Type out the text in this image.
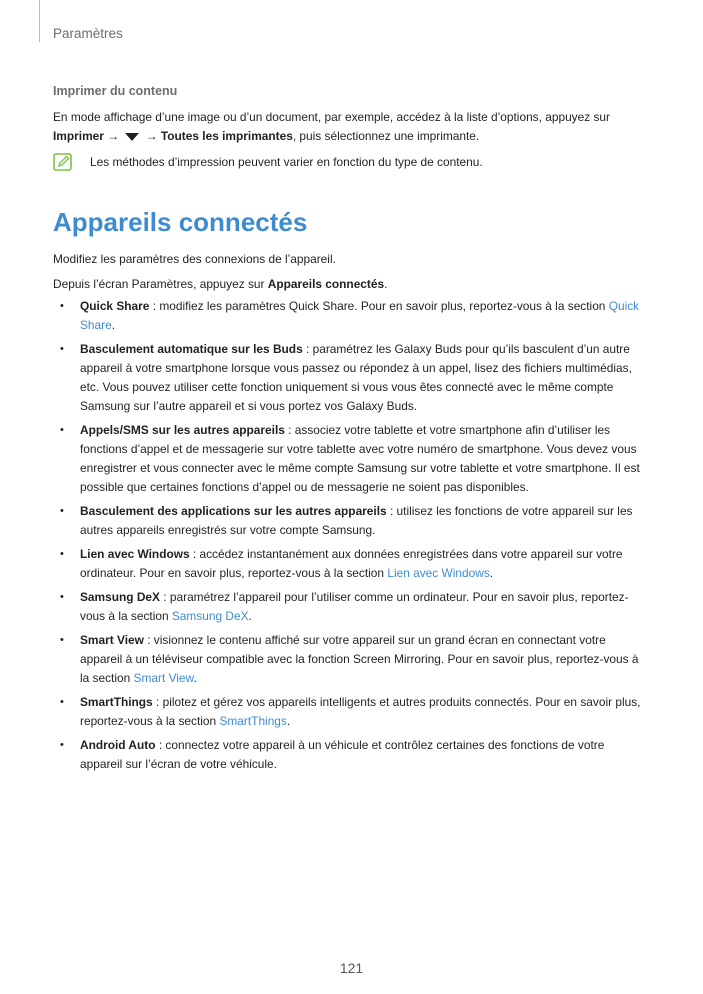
Paramètres
Imprimer du contenu

En mode affichage d’une image ou d’un document, par exemple, accédez à la liste d’options, appuyez sur Imprimer →  → Toutes les imprimantes, puis sélectionnez une imprimante.

Les méthodes d’impression peuvent varier en fonction du type de contenu.
Appareils connectés

Modifiez les paramètres des connexions de l’appareil.

Depuis l’écran Paramètres, appuyez sur Appareils connectés.

• Quick Share : modifiez les paramètres Quick Share. Pour en savoir plus, reportez-vous à la section Quick Share.
• Basculement automatique sur les Buds : paramétrez les Galaxy Buds pour qu’ils basculent d’un autre appareil à votre smartphone lorsque vous passez ou répondez à un appel, lisez des fichiers multimédias, etc. Vous pouvez utiliser cette fonction uniquement si vous vous êtes connecté avec le même compte Samsung sur l’autre appareil et si vous portez vos Galaxy Buds.
• Appels/SMS sur les autres appareils : associez votre tablette et votre smartphone afin d’utiliser les fonctions d’appel et de messagerie sur votre tablette avec votre numéro de smartphone. Vous devez vous enregistrer et vous connecter avec le même compte Samsung sur votre tablette et votre smartphone. Il est possible que certaines fonctions d’appel ou de messagerie ne soient pas disponibles.
• Basculement des applications sur les autres appareils : utilisez les fonctions de votre appareil sur les autres appareils enregistrés sur votre compte Samsung.
• Lien avec Windows : accédez instantanément aux données enregistrées dans votre appareil sur votre ordinateur. Pour en savoir plus, reportez-vous à la section Lien avec Windows.
• Samsung DeX : paramétrez l’appareil pour l’utiliser comme un ordinateur. Pour en savoir plus, reportez-vous à la section Samsung DeX.
• Smart View : visionnez le contenu affiché sur votre appareil sur un grand écran en connectant votre appareil à un téléviseur compatible avec la fonction Screen Mirroring. Pour en savoir plus, reportez-vous à la section Smart View.
• SmartThings : pilotez et gérez vos appareils intelligents et autres produits connectés. Pour en savoir plus, reportez-vous à la section SmartThings.
• Android Auto : connectez votre appareil à un véhicule et contrôlez certaines des fonctions de votre appareil sur l’écran de votre véhicule.
121
